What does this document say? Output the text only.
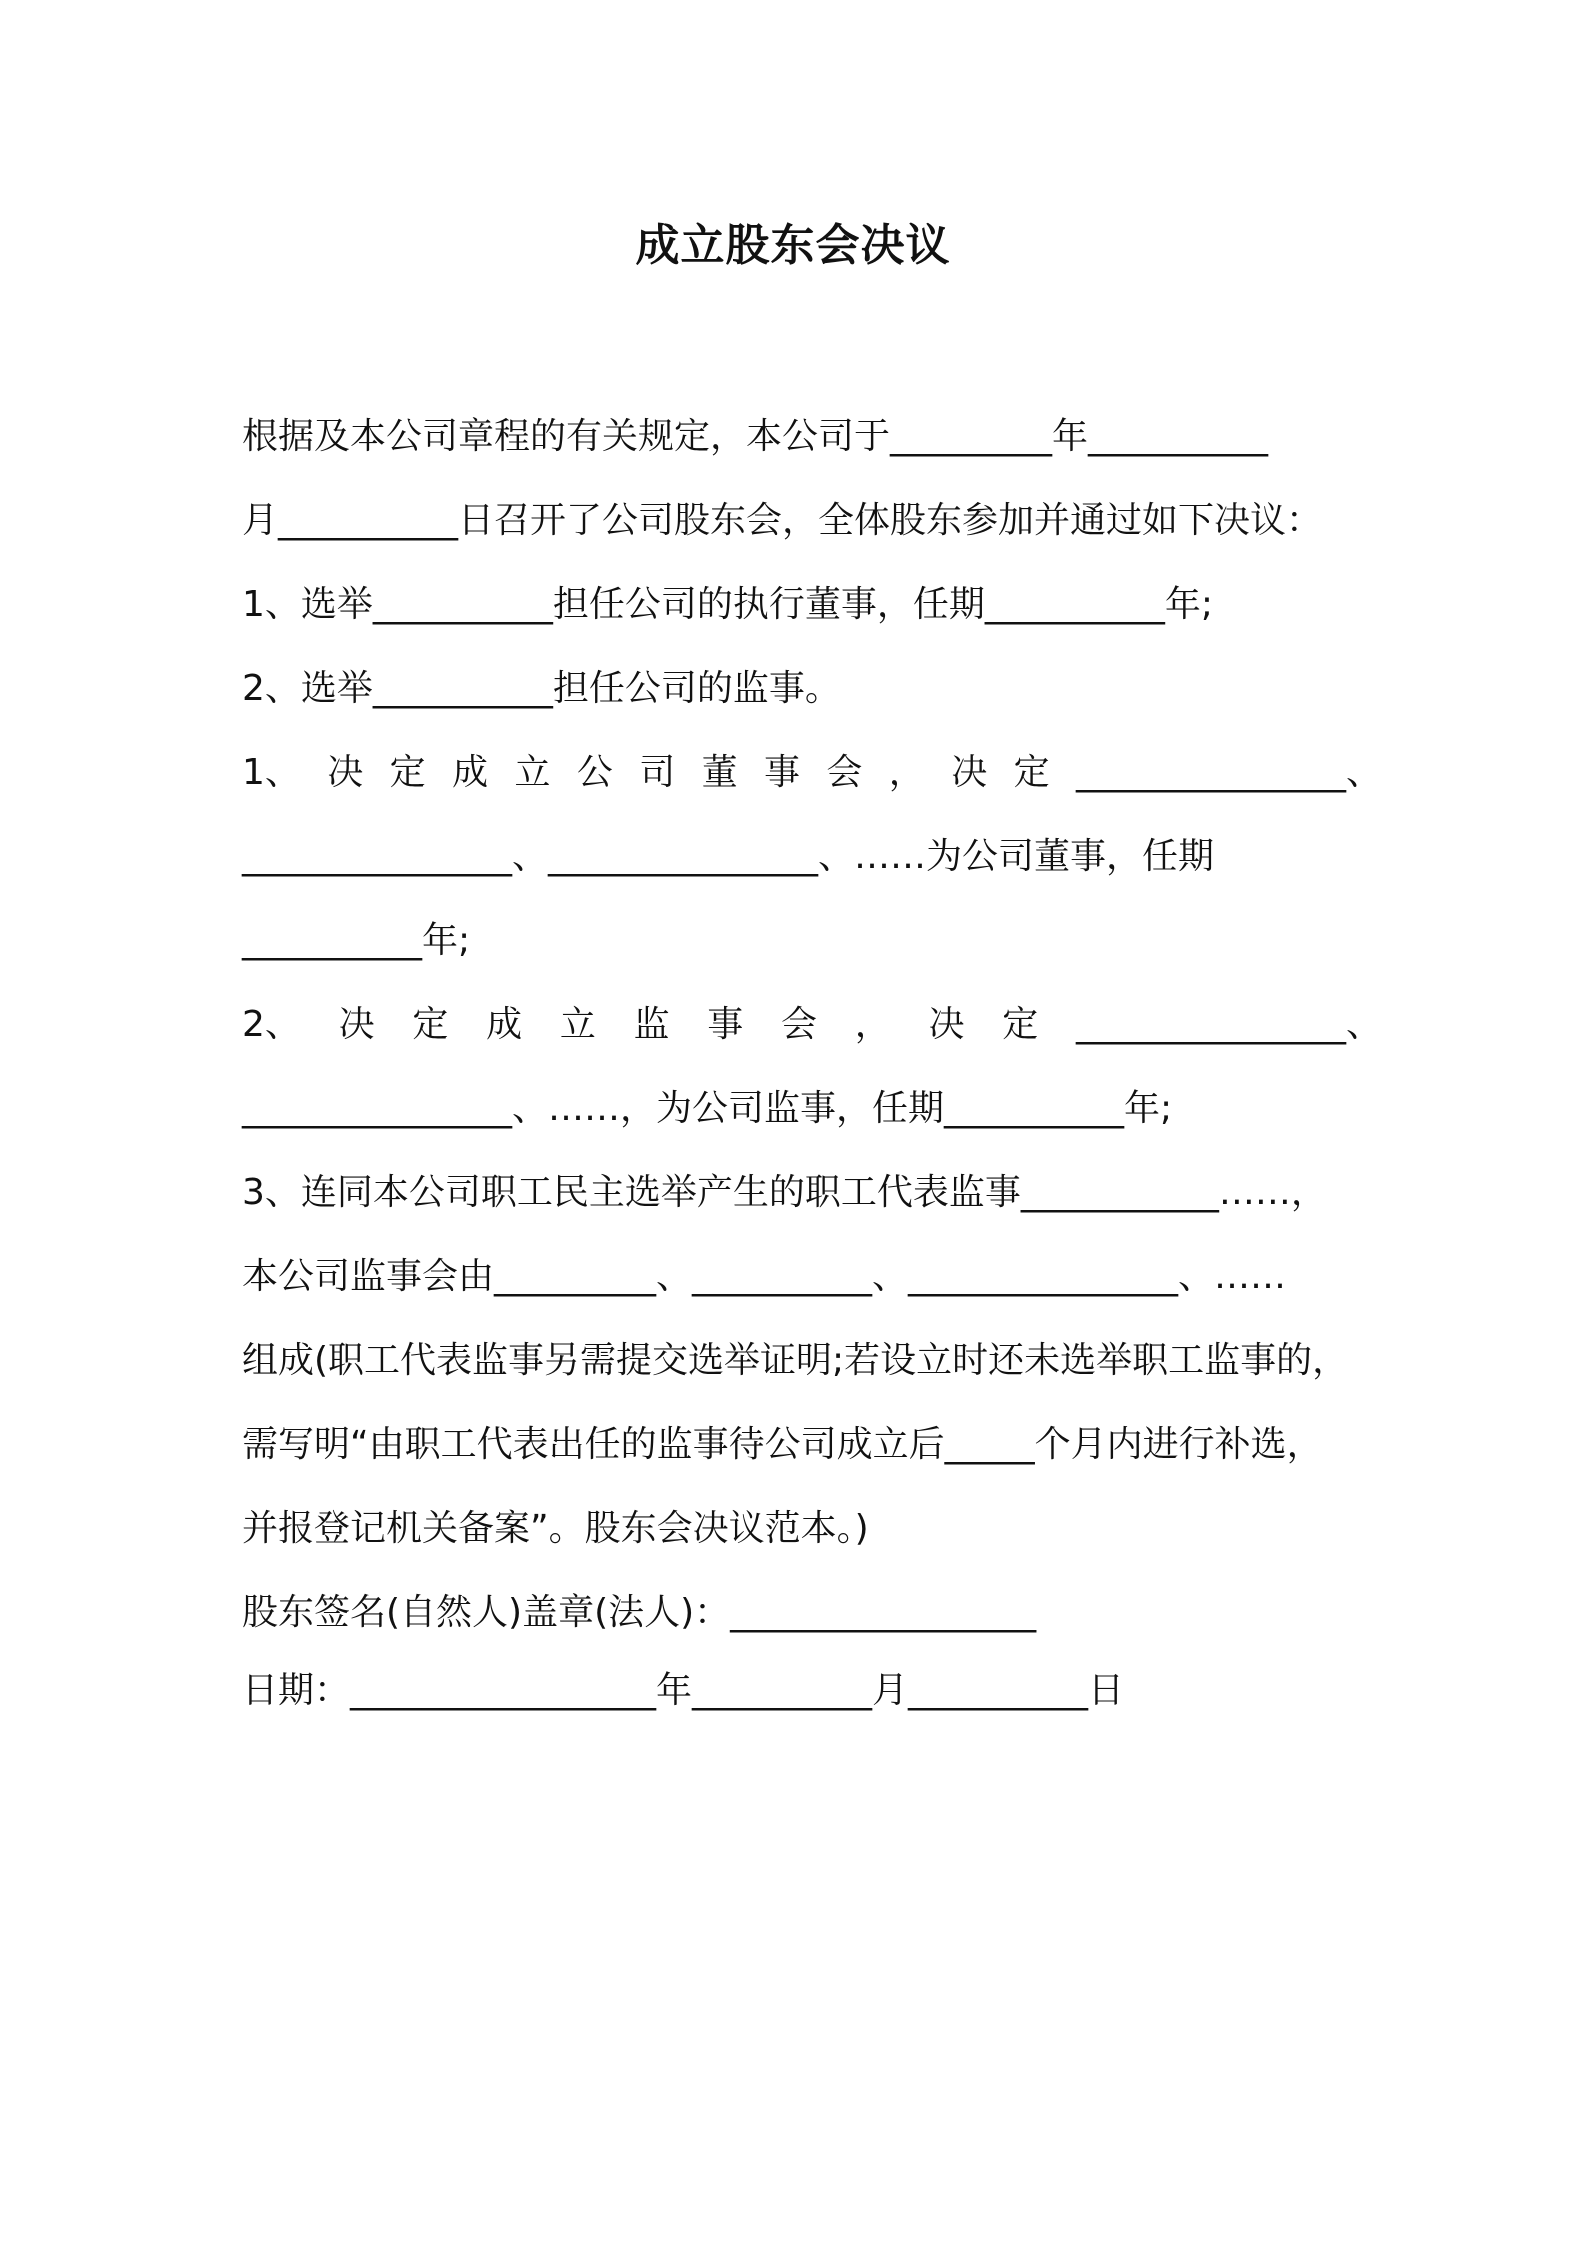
成立股东会决议
根据及本公司章程的有关规定，本公司于_________年__________
月__________日召开了公司股东会，全体股东参加并通过如下决议：
1、选举__________担任公司的执行董事，任期__________年;
2、选举__________担任公司的监事。
1、 决 定 成 立 公 司 董 事 会 ， 决 定 _______________、
_______________、_______________、……为公司董事，任期
__________年;
2、 决 定 成 立 监 事 会 ， 决 定 _______________、
_______________、……，为公司监事，任期__________年;
3、连同本公司职工民主选举产生的职工代表监事___________……，
本公司监事会由_________、__________、_______________、……
组成(职工代表监事另需提交选举证明;若设立时还未选举职工监事的，
需写明“由职工代表出任的监事待公司成立后_____个月内进行补选，
并报登记机关备案”。股东会决议范本。)
股东签名(自然人)盖章(法人)：_________________
日期：_________________年__________月__________日
